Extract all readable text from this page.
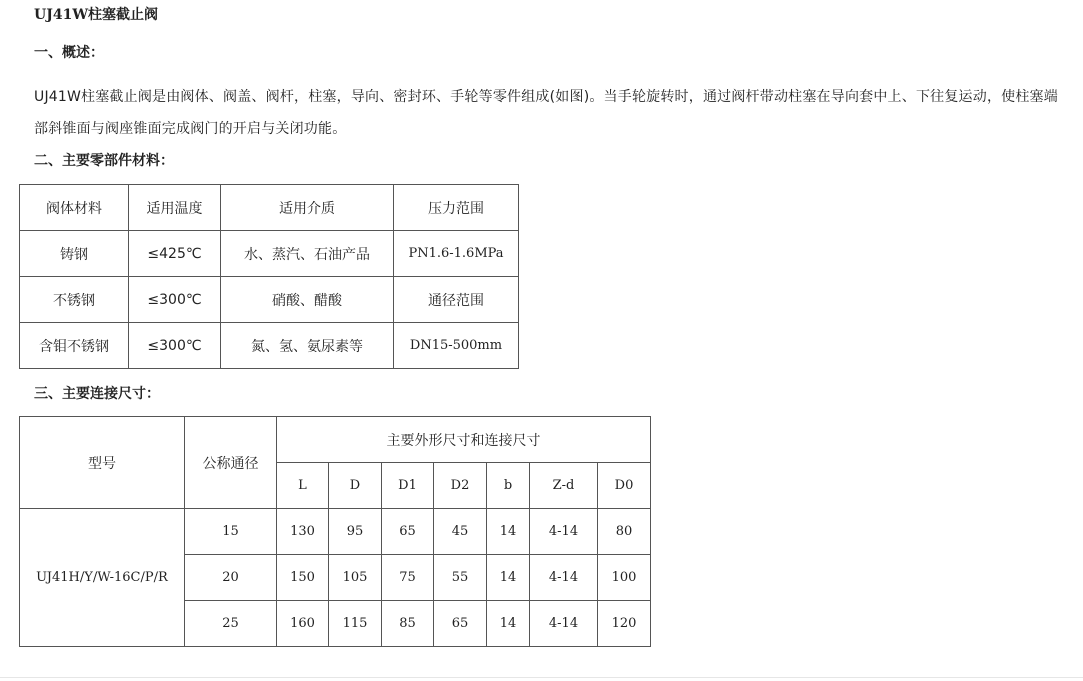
UJ41W柱塞截止阀
一、概述：
UJ41W柱塞截止阀是由阀体、阀盖、阀杆，柱塞，导向、密封环、手轮等零件组成(如图)。当手轮旋转时，通过阀杆带动柱塞在导向套中上、下往复运动，使柱塞端部斜锥面与阀座锥面完成阀门的开启与关闭功能。
二、主要零部件材料：
阀体材料	适用温度	适用介质	压力范围
铸钢	≤425℃	水、蒸汽、石油产品	PN1.6-1.6MPa
不锈钢	≤300℃	硝酸、醋酸	通径范围
含钼不锈钢	≤300℃	氮、氢、氨尿素等	DN15-500mm
三、主要连接尺寸：
型号	公称通径	主要外形尺寸和连接尺寸						
		L	D	D1	D2	b	Z-d	D0
UJ41H/Y/W-16C/P/R	15	130	95	65	45	14	4-14	80
	20	150	105	75	55	14	4-14	100
	25	160	115	85	65	14	4-14	120
